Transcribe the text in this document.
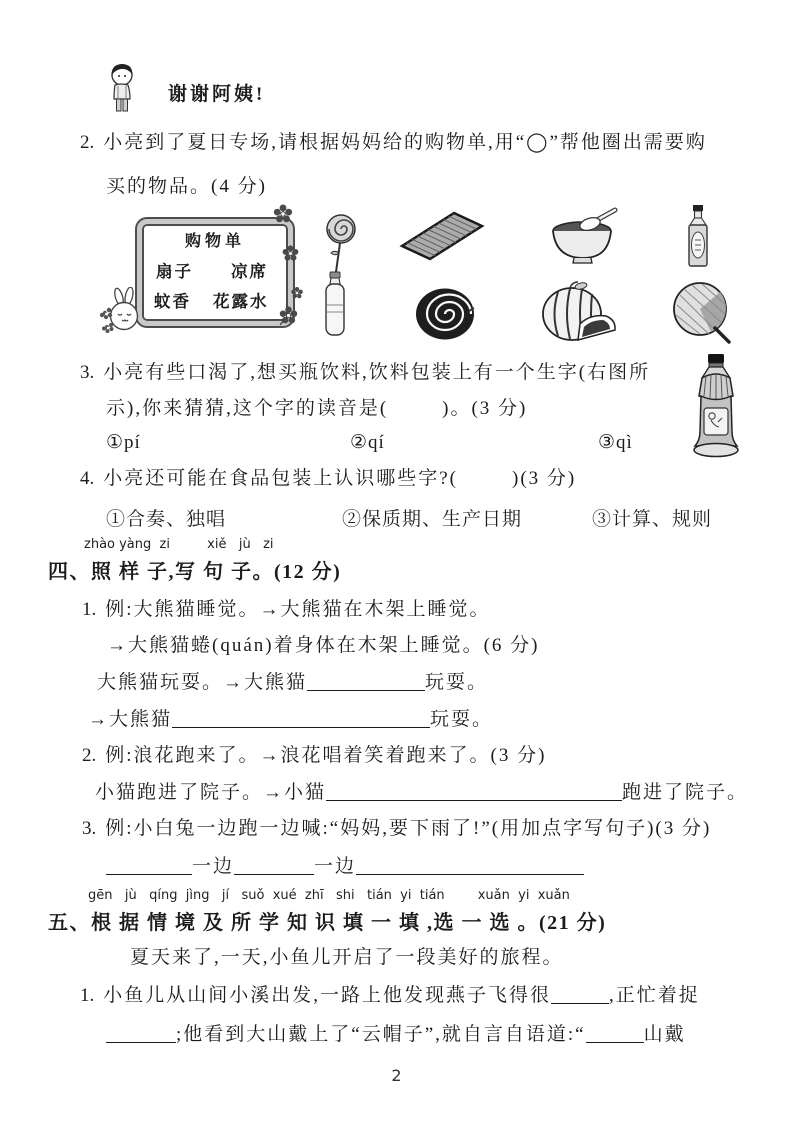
谢谢阿姨!
2. 小亮到了夏日专场,请根据妈妈给的购物单,用“◯”帮他圈出需要购
买的物品。(4 分)
购物单
扇子 凉席
蚊香 花露水
3. 小亮有些口渴了,想买瓶饮料,饮料包装上有一个生字(右图所
示),你来猜猜,这个字的读音是(        )。(3 分)
①pí	②qí	③qì
4. 小亮还可能在食品包装上认识哪些字?(        )(3 分)
①合奏、独唱	②保质期、生产日期	③计算、规则
zhào yàng  zi         xiě   jù   zi
四、照 样 子,写 句 子。(12 分)
1. 例:大熊猫睡觉。→大熊猫在木架上睡觉。
→大熊猫蜷(quán)着身体在木架上睡觉。(6 分)
大熊猫玩耍。→大熊猫	玩耍。
→大熊猫	玩耍。
2. 例:浪花跑来了。→浪花唱着笑着跑来了。(3 分)
小猫跑进了院子。→小猫	跑进了院子。
3. 例:小白兔一边跑一边喊:“妈妈,要下雨了!”(用加点字写句子)(3 分)
一边	一边
gēn   jù   qíng  jìng   jí   suǒ  xué  zhī   shi   tián  yi  tián        xuǎn  yi  xuǎn
五、根 据 情 境 及 所 学 知 识 填 一 填 ,选 一 选 。(21 分)
夏天来了,一天,小鱼儿开启了一段美好的旅程。
1. 小鱼儿从山间小溪出发,一路上他发现燕子飞得很	,正忙着捉
;他看到大山戴上了“云帽子”,就自言自语道:“	山戴
2
